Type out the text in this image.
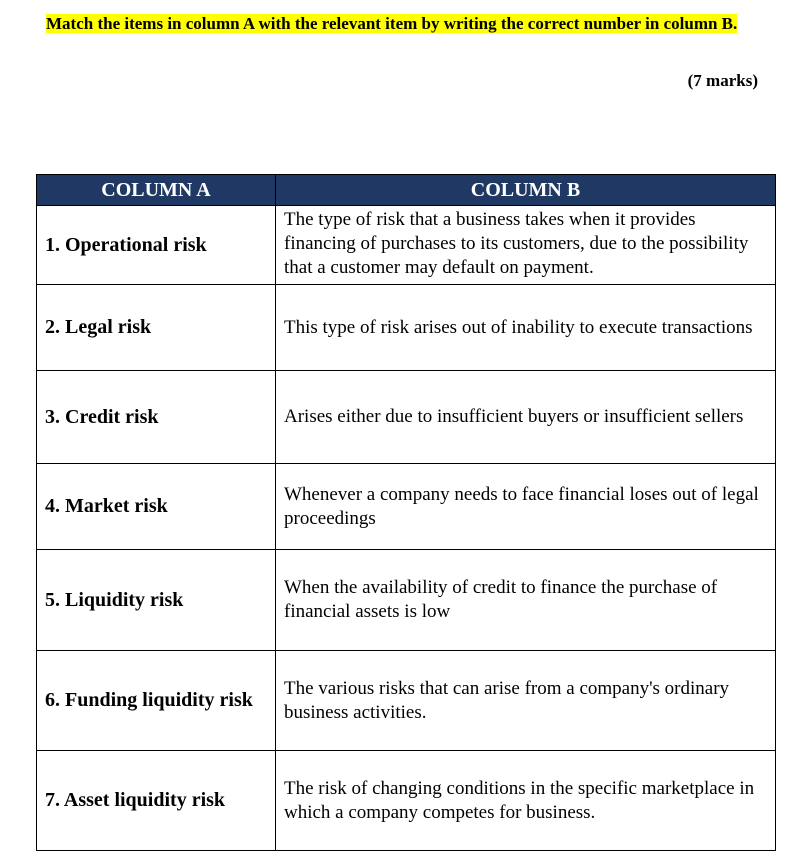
Match the items in column A with the relevant item by writing the correct number in column B.
(7 marks)
COLUMN A	COLUMN B
1. Operational risk	The type of risk that a business takes when it provides financing of purchases to its customers, due to the possibility that a customer may default on payment.
2. Legal risk	This type of risk arises out of inability to execute transactions
3. Credit risk	Arises either due to insufficient buyers or insufficient sellers
4. Market risk	Whenever a company needs to face financial loses out of legal proceedings
5. Liquidity risk	When the availability of credit to finance the purchase of financial assets is low
6. Funding liquidity risk	The various risks that can arise from a company's ordinary business activities.
7. Asset liquidity risk	The risk of changing conditions in the specific marketplace in which a company competes for business.
